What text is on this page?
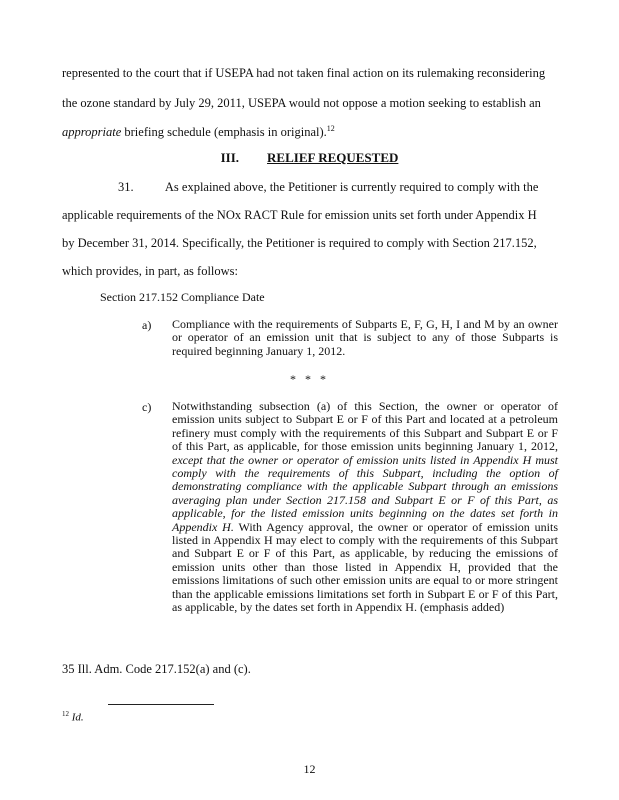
represented to the court that if USEPA had not taken final action on its rulemaking reconsidering
the ozone standard by July 29, 2011, USEPA would not oppose a motion seeking to establish an
appropriate briefing schedule (emphasis in original).$^{12}$
III. RELIEF REQUESTED
31.          As explained above, the Petitioner is currently required to comply with the
applicable requirements of the NOx RACT Rule for emission units set forth under Appendix H
by December 31, 2014. Specifically, the Petitioner is required to comply with Section 217.152,
which provides, in part, as follows:
Section 217.152 Compliance Date
a) Compliance with the requirements of Subparts E, F, G, H, I and M by an owner or operator of an emission unit that is subject to any of those Subparts is required beginning January 1, 2012.
* * *
c) Notwithstanding subsection (a) of this Section, the owner or operator of emission units subject to Subpart E or F of this Part and located at a petroleum refinery must comply with the requirements of this Subpart and Subpart E or F of this Part, as applicable, for those emission units beginning January 1, 2012, except that the owner or operator of emission units listed in Appendix H must comply with the requirements of this Subpart, including the option of demonstrating compliance with the applicable Subpart through an emissions averaging plan under Section 217.158 and Subpart E or F of this Part, as applicable, for the listed emission units beginning on the dates set forth in Appendix H. With Agency approval, the owner or operator of emission units listed in Appendix H may elect to comply with the requirements of this Subpart and Subpart E or F of this Part, as applicable, by reducing the emissions of emission units other than those listed in Appendix H, provided that the emissions limitations of such other emission units are equal to or more stringent than the applicable emissions limitations set forth in Subpart E or F of this Part, as applicable, by the dates set forth in Appendix H. (emphasis added)
35 Ill. Adm. Code 217.152(a) and (c).
$^{12}$ Id.
12
